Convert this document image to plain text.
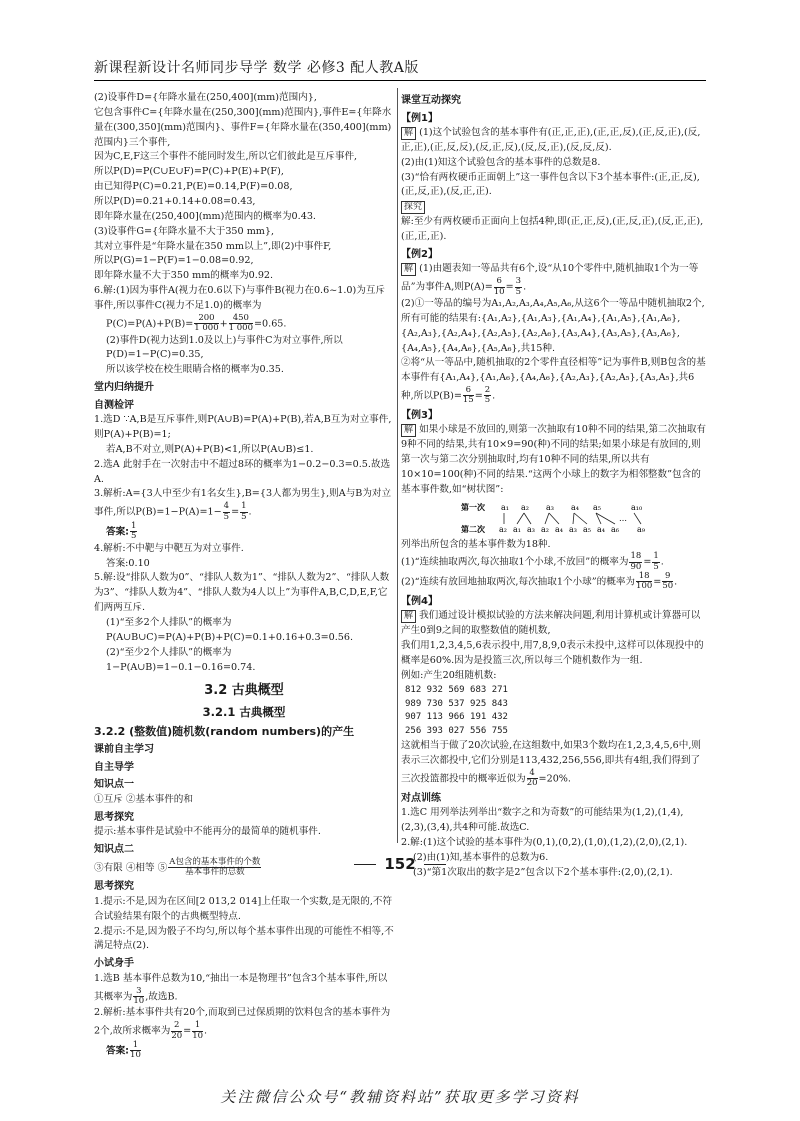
新课程新设计名师同步导学 数学 必修3 配人教A版

(2)设事件D={年降水量在(250,400](mm)范围内},

它包含事件C={年降水量在(250,300](mm)范围内},事件E={年降水量在(300,350](mm)范围内}、事件F={年降水量在(350,400](mm)范围内}三个事件,

因为C,E,F这三个事件不能同时发生,所以它们彼此是互斥事件,

所以P(D)=P(C∪E∪F)=P(C)+P(E)+P(F),

由已知得P(C)=0.21,P(E)=0.14,P(F)=0.08,

所以P(D)=0.21+0.14+0.08=0.43,

即年降水量在(250,400](mm)范围内的概率为0.43.

(3)设事件G={年降水量不大于350 mm},

其对立事件是“年降水量在350 mm以上”,即(2)中事件F,

所以P(G)=1−P(F)=1−0.08=0.92,

即年降水量不大于350 mm的概率为0.92.

6.解:(1)因为事件A(视力在0.6以下)与事件B(视力在0.6~1.0)为互斥事件,所以事件C(视力不足1.0)的概率为

$P(C)=P(A)+P(B)= \frac{200}{1 000} + \frac{450}{1 000} =0.65$.

(2)事件D(视力达到1.0及以上)与事件C为对立事件,所以P(D)=1−P(C)=0.35,

所以该学校在校生眼睛合格的概率为0.35.

堂内归纳提升

自测检评

1.选D ∵A,B是互斥事件,则P(A∪B)=P(A)+P(B),若A,B互为对立事件,则P(A)+P(B)=1;

若A,B不对立,则P(A)+P(B)<1,所以P(A∪B)≤1.

2.选A 此射手在一次射击中不超过8环的概率为1−0.2−0.3=0.5.故选A.

3.解析:A={3人中至少有1名女生},B={3人都为男生},则A与B为对立事件,所以$P(B)=1-P(A)=1- \frac{4}{5} = \frac{1}{5}$ .

答案: $\frac{1}{5}$

4.解析:不中靶与中靶互为对立事件.

答案:0.10

5.解:设“排队人数为0”、“排队人数为1”、“排队人数为2”、“排队人数为3”、“排队人数为4”、“排队人数为4人以上”为事件A,B,C,D,E,F,它们两两互斥.

(1)“至多2个人排队”的概率为

P(A∪B∪C)=P(A)+P(B)+P(C)=0.1+0.16+0.3=0.56.

(2)“至少2个人排队”的概率为

1−P(A∪B)=1−0.1−0.16=0.74.

3.2 古典概型
3.2.1 古典概型
3.2.2 (整数值)随机数(random numbers)的产生

课前自主学习

自主导学

知识点一

①互斥 ②基本事件的和

思考探究

提示:基本事件是试验中不能再分的最简单的随机事件.

知识点二

③有限 ④相等 ⑤ $\frac{\text{A包含的基本事件的个数}}{\text{基本事件的总数}}$

思考探究

1.提示:不是,因为在区间[2 013,2 014]上任取一个实数,是无限的,不符合试验结果有限个的古典概型特点.

2.提示:不是,因为骰子不均匀,所以每个基本事件出现的可能性不相等,不满足特点(2).

小试身手

1.选B 基本事件总数为10,“抽出一本是物理书”包含3个基本事件,所以其概率为 $\frac{3}{10}$ ,故选B.

2.解析:基本事件共有20个,而取到已过保质期的饮料包含的基本事件为2个,故所求概率为 $\frac{2}{20} = \frac{1}{10}$ .

答案: $\frac{1}{10}$

课堂互动探究

【例1】

解 (1)这个试验包含的基本事件有(正,正,正),(正,正,反),(正,反,正),(反,正,正),(正,反,反),(反,正,反),(反,反,正),(反,反,反).

(2)由(1)知这个试验包含的基本事件的总数是8.

(3)“恰有两枚硬币正面朝上”这一事件包含以下3个基本事件:(正,正,反),(正,反,正),(反,正,正).

探究

解:至少有两枚硬币正面向上包括4种,即(正,正,反),(正,反,正),(反,正,正),(正,正,正).

【例2】

解 (1)由题表知一等品共有6个,设“从10个零件中,随机抽取1个为一等品”为事件A,则$P(A)= \frac{6}{10} = \frac{3}{5}$ .

(2)①一等品的编号为A₁,A₂,A₃,A₄,A₅,A₆,从这6个一等品中随机抽取2个,所有可能的结果有:{A₁,A₂},{A₁,A₃},{A₁,A₄},{A₁,A₅},{A₁,A₆},{A₂,A₃},{A₂,A₄},{A₂,A₅},{A₂,A₆},{A₃,A₄},{A₃,A₅},{A₃,A₆},{A₄,A₅},{A₄,A₆},{A₅,A₆},共15种.

②将“从一等品中,随机抽取的2个零件直径相等”记为事件B,则B包含的基本事件有{A₁,A₄},{A₁,A₆},{A₄,A₆},{A₂,A₃},{A₂,A₅},{A₃,A₅},共6种,所以$P(B)= \frac{6}{15} = \frac{2}{5}$ .

【例3】

解 如果小球是不放回的,则第一次抽取有10种不同的结果,第二次抽取有9种不同的结果,共有10×9=90(种)不同的结果;如果小球是有放回的,则第一次与第二次分别抽取时,均有10种不同的结果,所以共有10×10=100(种)不同的结果.“这两个小球上的数字为相邻整数”包含的基本事件数,如“树状图”:

第一次
第二次
a₁ a₂ a₃ a₄ a₅	a₁₀
a₂ a₁ a₃ a₂ a₄ a₃ a₅ a₄ a₆ a₉
…

列举出所包含的基本事件数为18种.

(1)“连续抽取两次,每次抽取1个小球,不放回”的概率为 $\frac{18}{90} = \frac{1}{5}$ .

(2)“连续有放回地抽取两次,每次抽取1个小球”的概率为 $\frac{18}{100} = \frac{9}{50}$ .

【例4】

解 我们通过设计模拟试验的方法来解决问题,利用计算机或计算器可以产生0到9之间的取整数值的随机数,

我们用1,2,3,4,5,6表示投中,用7,8,9,0表示未投中,这样可以体现投中的概率是60%.因为是投篮三次,所以每三个随机数作为一组.

例如:产生20组随机数:

812 932 569 683 271
989 730 537 925 843
907 113 966 191 432
256 393 027 556 755

这就相当于做了20次试验,在这组数中,如果3个数均在1,2,3,4,5,6中,则表示三次都投中,它们分别是113,432,256,556,即共有4组,我们得到了三次投篮都投中的概率近似为 $\frac{4}{20} =20\%$.

对点训练

1.选C 用列举法列举出“数字之和为奇数”的可能结果为(1,2),(1,4),(2,3),(3,4),共4种可能.故选C.

2.解:(1)这个试验的基本事件为(0,1),(0,2),(1,0),(1,2),(2,0),(2,1).

(2)由(1)知,基本事件的总数为6.

(3)“第1次取出的数字是2”包含以下2个基本事件:(2,0),(2,1).

152
关注微信公众号“教辅资料站”获取更多学习资料
